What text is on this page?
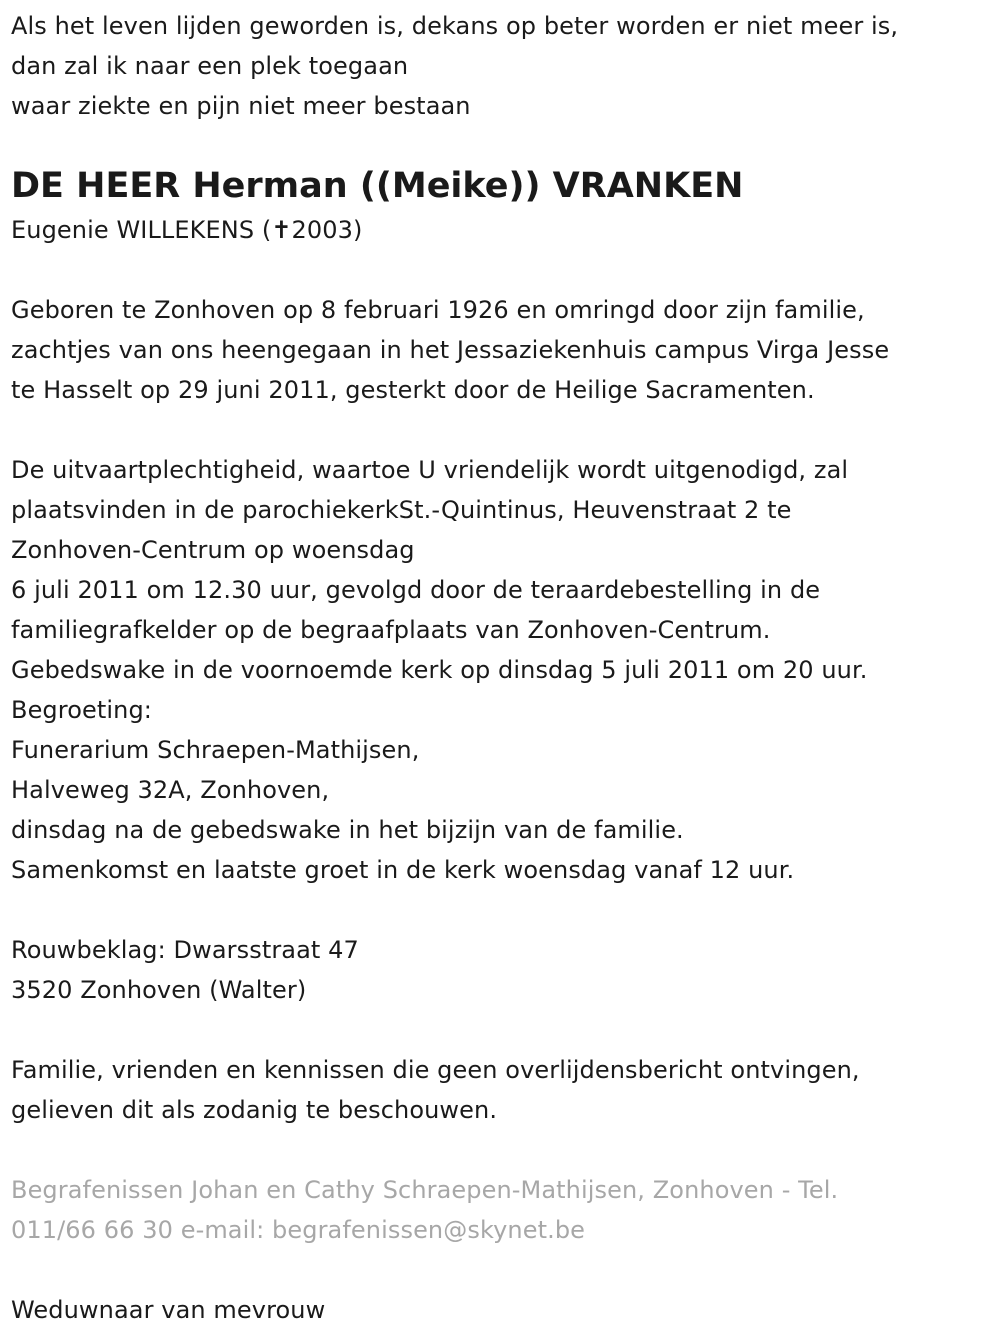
Als het leven lijden geworden is, dekans op beter worden er niet meer is,
dan zal ik naar een plek toegaan
waar ziekte en pijn niet meer bestaan
DE HEER Herman ((Meike)) VRANKEN
Eugenie WILLEKENS (✝2003)
Geboren te Zonhoven op 8 februari 1926 en omringd door zijn familie,
zachtjes van ons heengegaan in het Jessaziekenhuis campus Virga Jesse
te Hasselt op 29 juni 2011, gesterkt door de Heilige Sacramenten.
De uitvaartplechtigheid, waartoe U vriendelijk wordt uitgenodigd, zal
plaatsvinden in de parochiekerkSt.-Quintinus, Heuvenstraat 2 te
Zonhoven-Centrum op woensdag
6 juli 2011 om 12.30 uur, gevolgd door de teraardebestelling in de
familiegrafkelder op de begraafplaats van Zonhoven-Centrum.
Gebedswake in de voornoemde kerk op dinsdag 5 juli 2011 om 20 uur.
Begroeting:
Funerarium Schraepen-Mathijsen,
Halveweg 32A, Zonhoven,
dinsdag na de gebedswake in het bijzijn van de familie.
Samenkomst en laatste groet in de kerk woensdag vanaf 12 uur.
Rouwbeklag: Dwarsstraat 47
3520 Zonhoven (Walter)
Familie, vrienden en kennissen die geen overlijdensbericht ontvingen,
gelieven dit als zodanig te beschouwen.
Begrafenissen Johan en Cathy Schraepen-Mathijsen, Zonhoven - Tel.
011/66 66 30 e-mail: begrafenissen@skynet.be
Weduwnaar van mevrouw
